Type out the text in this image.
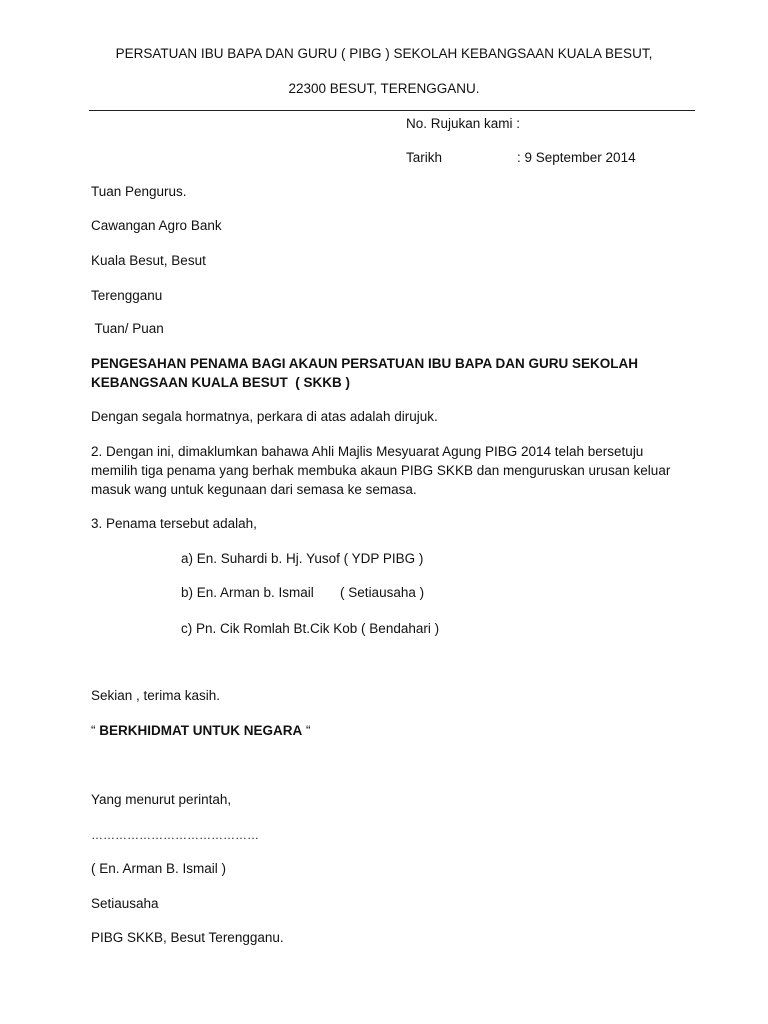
PERSATUAN IBU BAPA DAN GURU ( PIBG ) SEKOLAH KEBANGSAAN KUALA BESUT,
22300 BESUT, TERENGGANU.
No. Rujukan kami :
Tarikh	: 9 September 2014
Tuan Pengurus.
Cawangan Agro Bank
Kuala Besut, Besut
Terengganu
Tuan/ Puan
PENGESAHAN PENAMA BAGI AKAUN PERSATUAN IBU BAPA DAN GURU SEKOLAH
KEBANGSAAN KUALA BESUT  ( SKKB )
Dengan segala hormatnya, perkara di atas adalah dirujuk.
2. Dengan ini, dimaklumkan bahawa Ahli Majlis Mesyuarat Agung PIBG 2014 telah bersetuju
memilih tiga penama yang berhak membuka akaun PIBG SKKB dan menguruskan urusan keluar
masuk wang untuk kegunaan dari semasa ke semasa.
3. Penama tersebut adalah,
a) En. Suhardi b. Hj. Yusof ( YDP PIBG )
b) En. Arman b. Ismail       ( Setiausaha )
c) Pn. Cik Romlah Bt.Cik Kob ( Bendahari )
Sekian , terima kasih.
“ BERKHIDMAT UNTUK NEGARA “
Yang menurut perintah,
……………………………………
( En. Arman B. Ismail )
Setiausaha
PIBG SKKB, Besut Terengganu.
